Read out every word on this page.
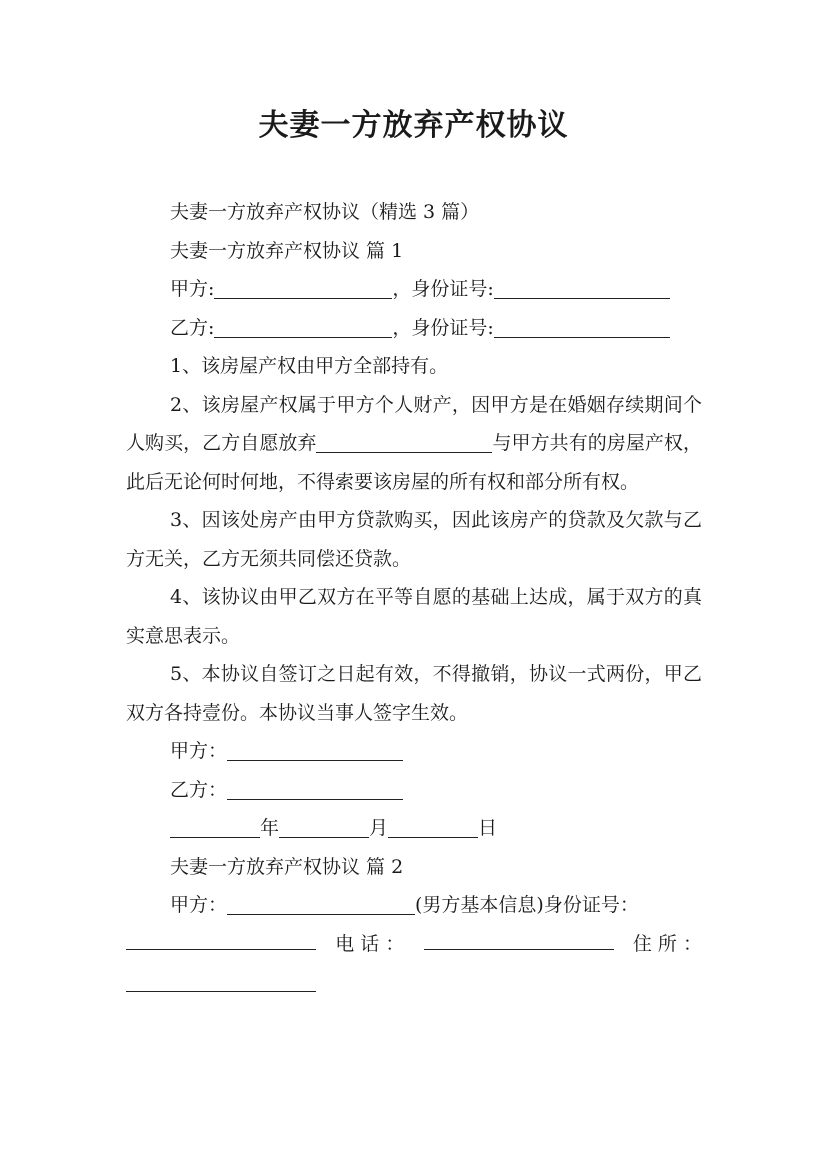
夫妻一方放弃产权协议
夫妻一方放弃产权协议（精选 3 篇）
夫妻一方放弃产权协议 篇 1
甲方:	，身份证号:
乙方:	，身份证号:
1、该房屋产权由甲方全部持有。
2、该房屋产权属于甲方个人财产，因甲方是在婚姻存续期间个人购买，乙方自愿放弃	与甲方共有的房屋产权，此后无论何时何地，不得索要该房屋的所有权和部分所有权。
3、因该处房产由甲方贷款购买，因此该房产的贷款及欠款与乙方无关，乙方无须共同偿还贷款。
4、该协议由甲乙双方在平等自愿的基础上达成，属于双方的真实意思表示。
5、本协议自签订之日起有效，不得撤销，协议一式两份，甲乙双方各持壹份。本协议当事人签字生效。
甲方：
乙方：
年	月	日
夫妻一方放弃产权协议 篇 2
甲方：	(男方基本信息)身份证号：
电 话 ：	住 所 ：
